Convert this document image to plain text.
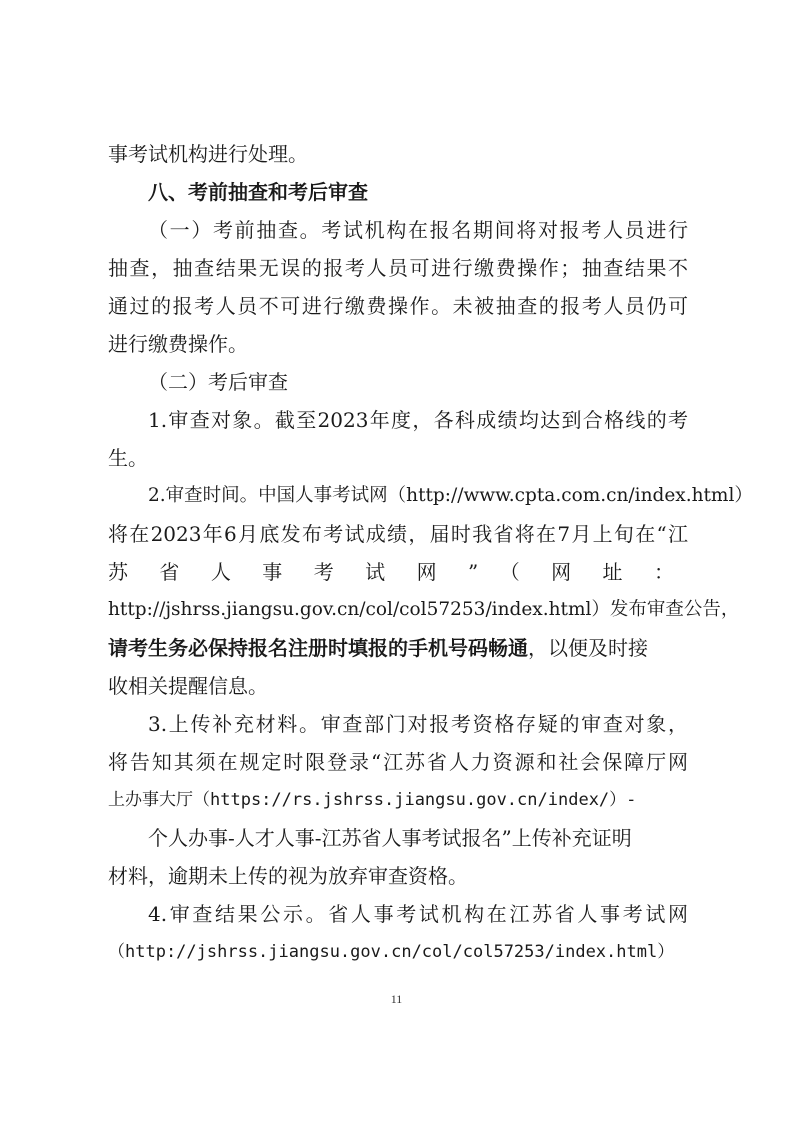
事考试机构进行处理。
八、考前抽查和考后审查
（一）考前抽查。考试机构在报名期间将对报考人员进行
抽查，抽查结果无误的报考人员可进行缴费操作；抽查结果不
通过的报考人员不可进行缴费操作。未被抽查的报考人员仍可
进行缴费操作。
（二）考后审查
1.审查对象。截至2023年度，各科成绩均达到合格线的考
生。
2.审查时间。中国人事考试网（http://www.cpta.com.cn/index.html）
将在2023年6月底发布考试成绩，届时我省将在7月上旬在“江
苏省人事考试网”（网址：
http://jshrss.jiangsu.gov.cn/col/col57253/index.html）发布审查公告，
请考生务必保持报名注册时填报的手机号码畅通，以便及时接
收相关提醒信息。
3.上传补充材料。审查部门对报考资格存疑的审查对象，
将告知其须在规定时限登录“江苏省人力资源和社会保障厅网
上办事大厅（https://rs.jshrss.jiangsu.gov.cn/index/）-
个人办事-人才人事-江苏省人事考试报名”上传补充证明
材料，逾期未上传的视为放弃审查资格。
4.审查结果公示。省人事考试机构在江苏省人事考试网
（http://jshrss.jiangsu.gov.cn/col/col57253/index.html）
11
